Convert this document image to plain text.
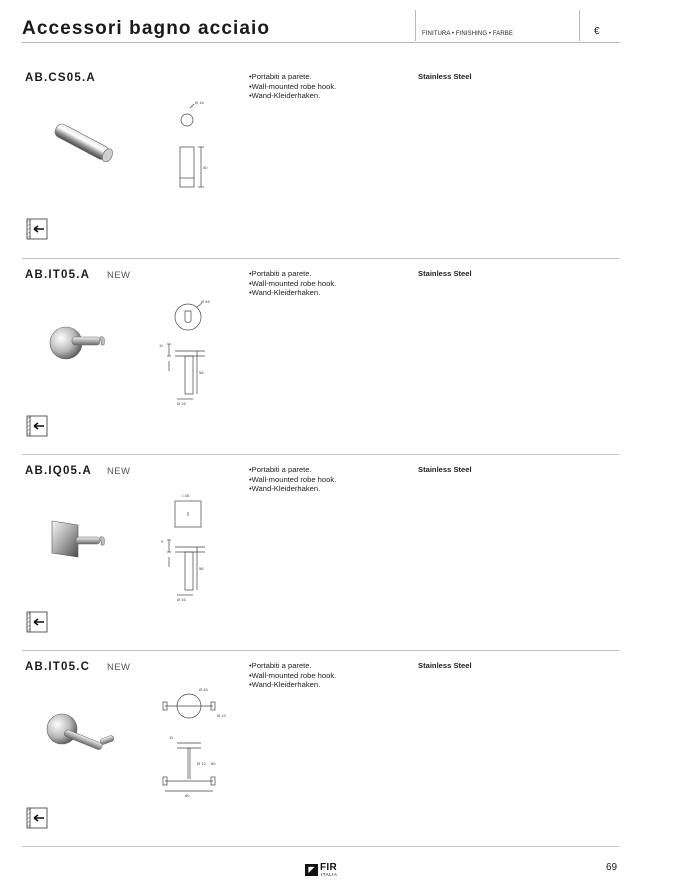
Accessori bagno acciaio	FINITURA • FINISHING • FARBE	€
AB.CS05.A	• Portabiti a parete.
• Wall-mounted robe hook.
• Wand-Kleiderhaken.
Stainless Steel
Ø 16
50
AB.IT05.A NEW	• Portabiti a parete.
• Wall-mounted robe hook.
• Wand-Kleiderhaken.
Stainless Steel
Ø 45
11
58
Ø 16
AB.IQ05.A NEW	• Portabiti a parete.
• Wall-mounted robe hook.
• Wand-Kleiderhaken.
Stainless Steel
□ 45
9
58
Ø 16
AB.IT05.C NEW	• Portabiti a parete.
• Wall-mounted robe hook.
• Wand-Kleiderhaken.
Stainless Steel
Ø 45
Ø 12
11
Ø 12 60
80
◤ FIR
ITALIA
69
